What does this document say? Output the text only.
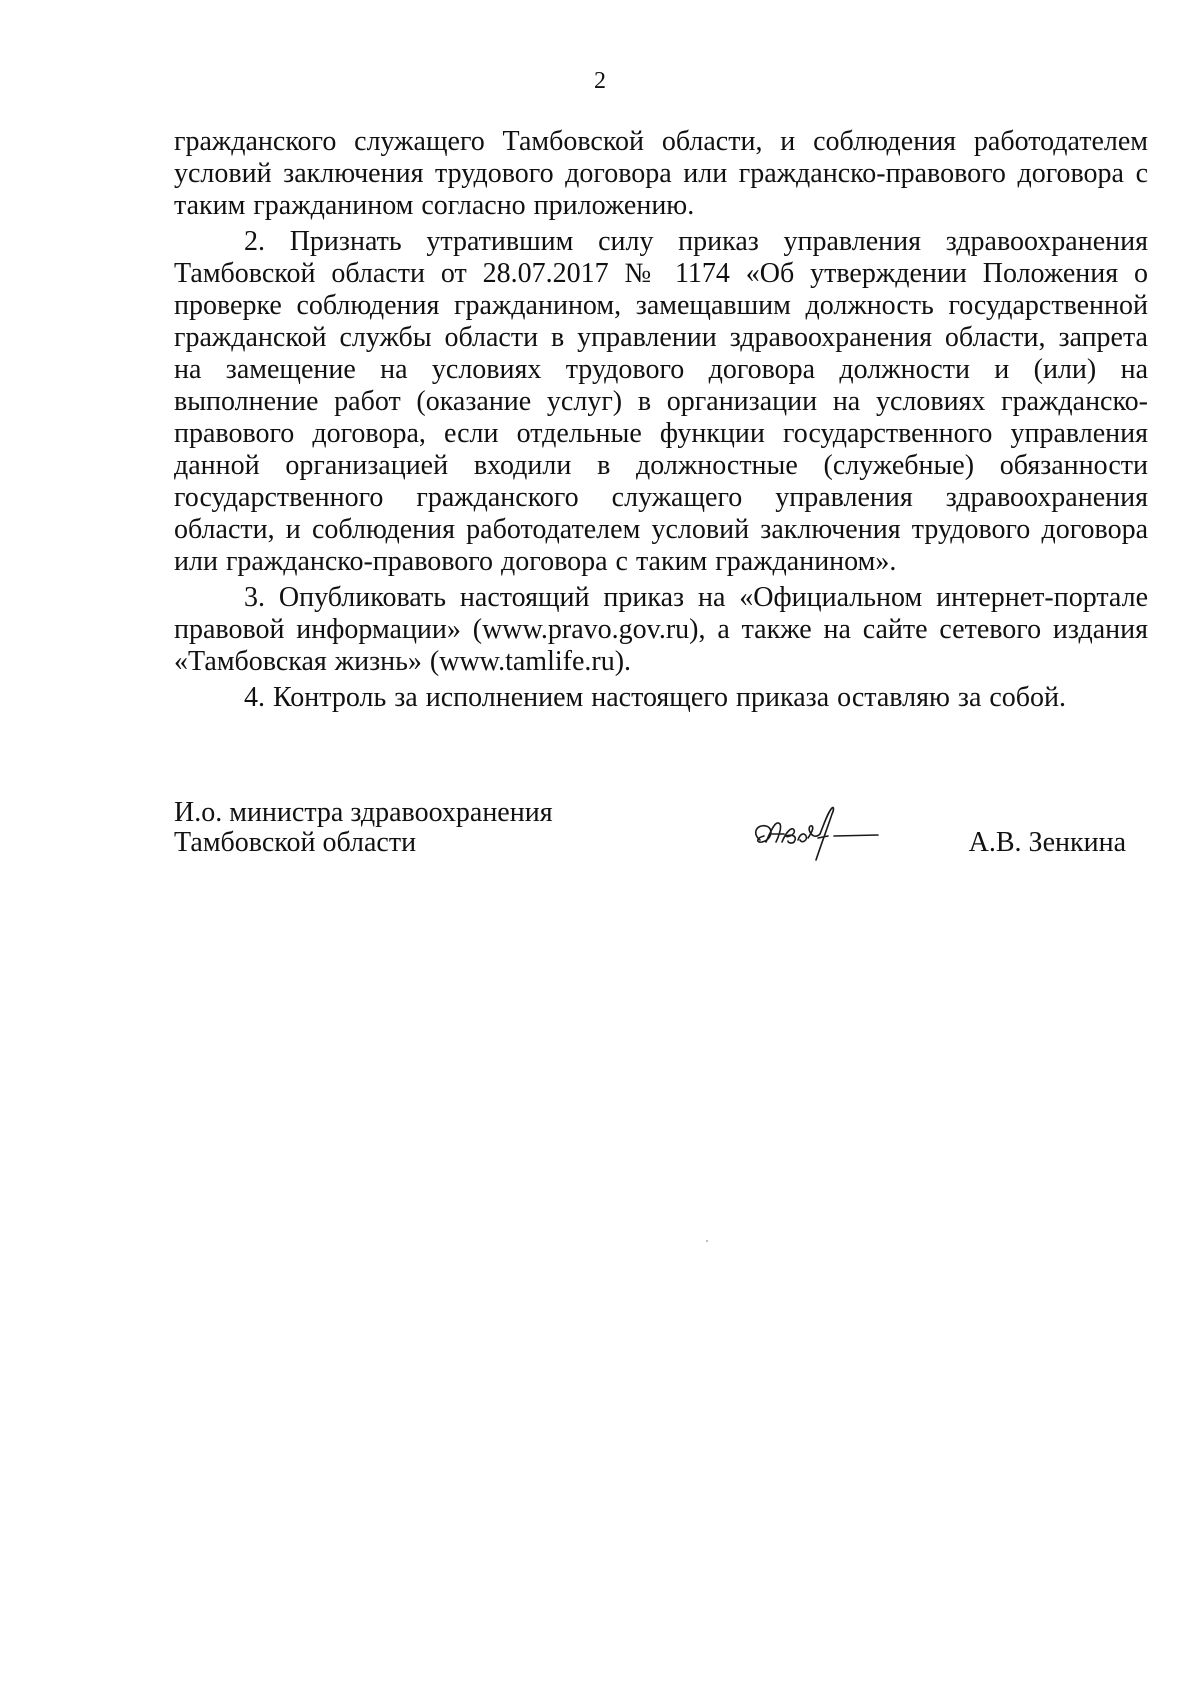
2

гражданского служащего Тамбовской области, и соблюдения работодателем условий заключения трудового договора или гражданско-правового договора с таким гражданином согласно приложению.

2. Признать утратившим силу приказ управления здравоохранения Тамбовской области от 28.07.2017 № 1174 «Об утверждении Положения о проверке соблюдения гражданином, замещавшим должность государственной гражданской службы области в управлении здравоохранения области, запрета на замещение на условиях трудового договора должности и (или) на выполнение работ (оказание услуг) в организации на условиях гражданско-правового договора, если отдельные функции государственного управления данной организацией входили в должностные (служебные) обязанности государственного гражданского служащего управления здравоохранения области, и соблюдения работодателем условий заключения трудового договора или гражданско-правового договора с таким гражданином».

3. Опубликовать настоящий приказ на «Официальном интернет-портале правовой информации» (www.pravo.gov.ru), а также на сайте сетевого издания «Тамбовская жизнь» (www.tamlife.ru).

4. Контроль за исполнением настоящего приказа оставляю за собой.

И.о. министра здравоохранения
Тамбовской области	А.В. Зенкина
